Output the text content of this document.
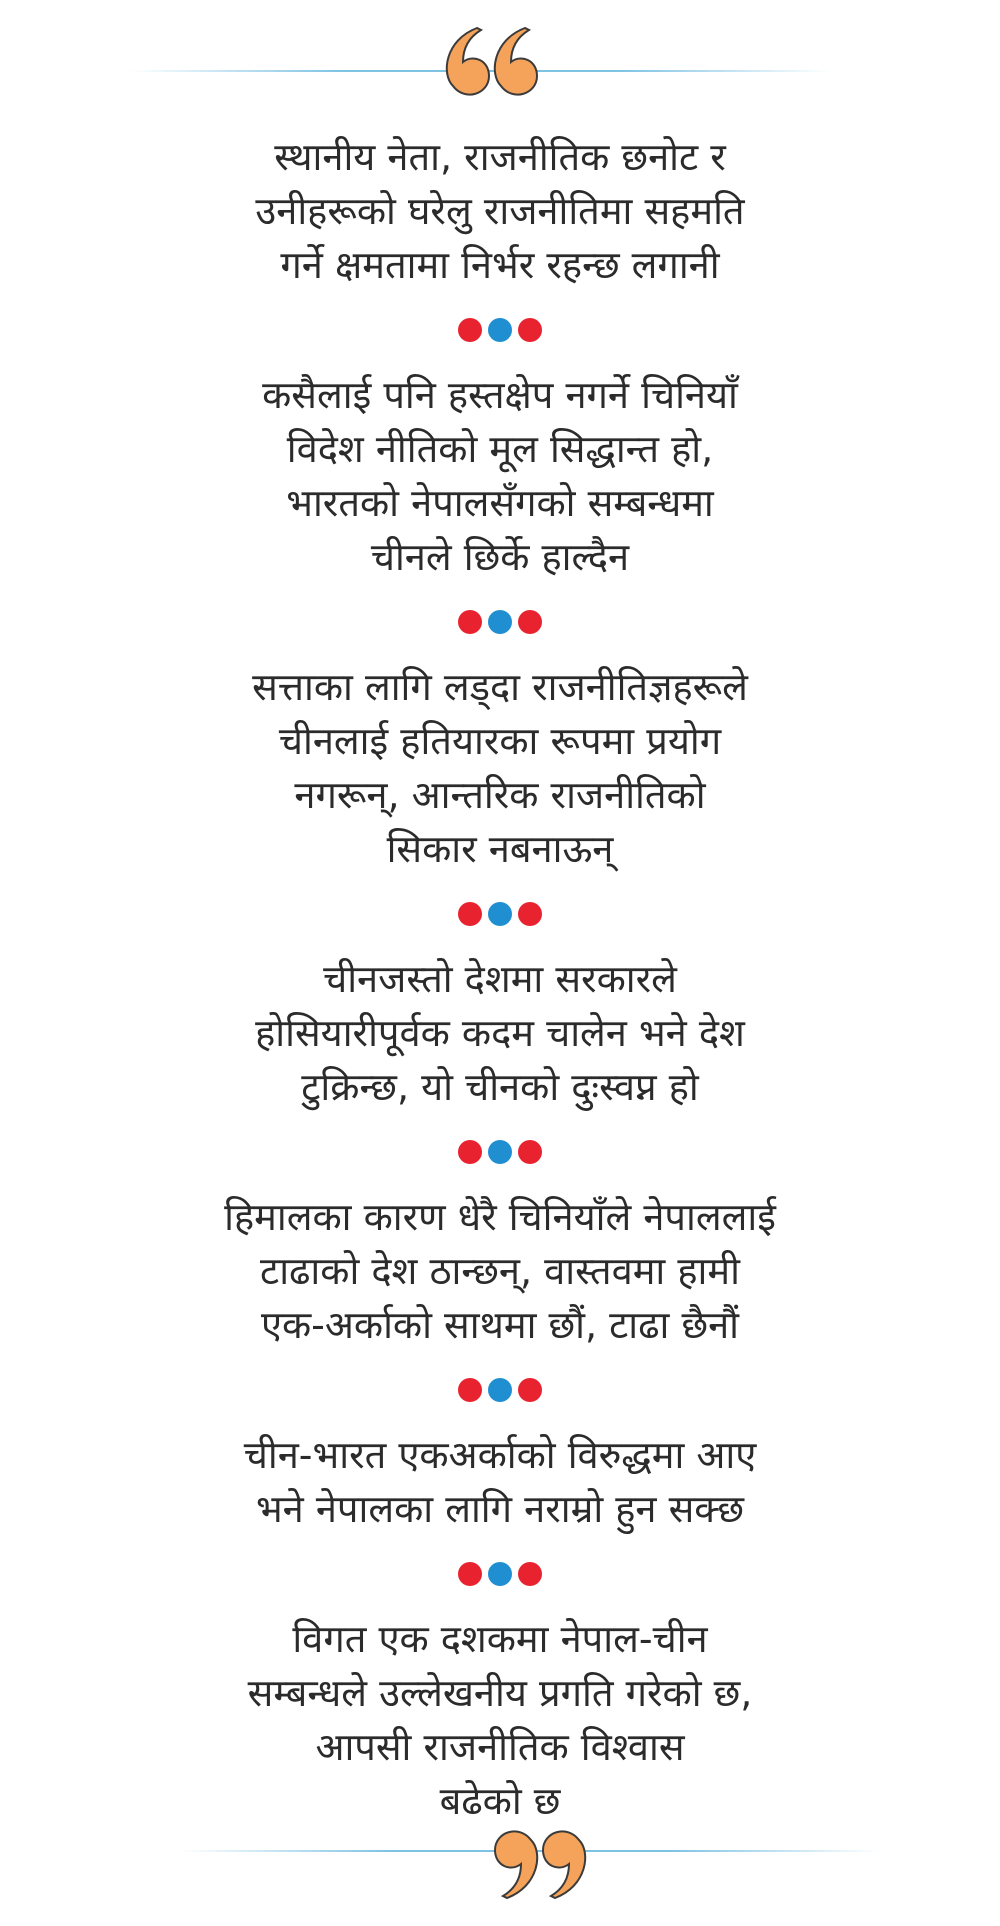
स्थानीय नेता, राजनीतिक छनोट र
उनीहरूको घरेलु राजनीतिमा सहमति
गर्ने क्षमतामा निर्भर रहन्छ लगानी
कसैलाई पनि हस्तक्षेप नगर्ने चिनियाँ
विदेश नीतिको मूल सिद्धान्त हो,
भारतको नेपालसँगको सम्बन्धमा
चीनले छिर्के हाल्दैन
सत्ताका लागि लड्दा राजनीतिज्ञहरूले
चीनलाई हतियारका रूपमा प्रयोग
नगरून्, आन्तरिक राजनीतिको
सिकार नबनाऊन्
चीनजस्तो देशमा सरकारले
होसियारीपूर्वक कदम चालेन भने देश
टुक्रिन्छ, यो चीनको दुःस्वप्न हो
हिमालका कारण धेरै चिनियाँले नेपाललाई
टाढाको देश ठान्छन्, वास्तवमा हामी
एक-अर्काको साथमा छौं, टाढा छैनौं
चीन-भारत एकअर्काको विरुद्धमा आए
भने नेपालका लागि नराम्रो हुन सक्छ
विगत एक दशकमा नेपाल-चीन
सम्बन्धले उल्लेखनीय प्रगति गरेको छ,
आपसी राजनीतिक विश्वास
बढेको छ
